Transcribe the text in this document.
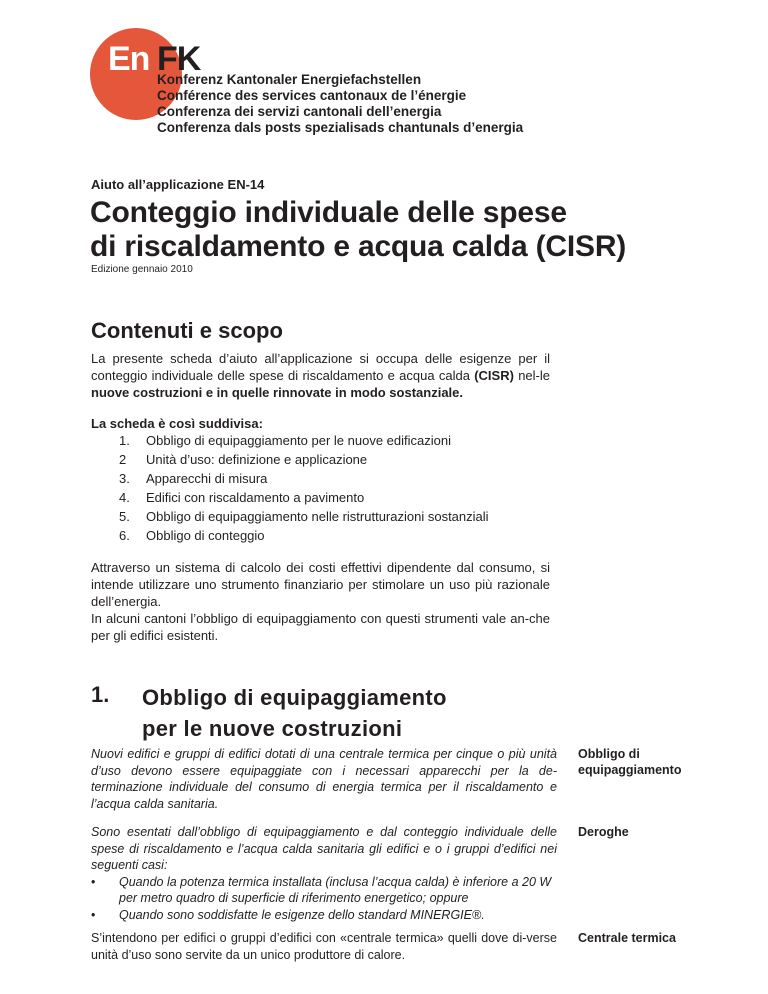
En FK
Konferenz Kantonaler Energiefachstellen
Conférence des services cantonaux de l’énergie
Conferenza dei servizi cantonali dell’energia
Conferenza dals posts spezialisads chantunals d’energia
Aiuto all’applicazione EN-14
Conteggio individuale delle spese
di riscaldamento e acqua calda (CISR)
Edizione gennaio 2010
Contenuti e scopo
La presente scheda d’aiuto all’applicazione si occupa delle esigenze per il conteggio individuale delle spese di riscaldamento e acqua calda (CISR) nel-le nuove costruzioni e in quelle rinnovate in modo sostanziale.
La scheda è così suddivisa:
1. Obbligo di equipaggiamento per le nuove edificazioni
2 Unità d’uso: definizione e applicazione
3. Apparecchi di misura
4. Edifici con riscaldamento a pavimento
5. Obbligo di equipaggiamento nelle ristrutturazioni sostanziali
6. Obbligo di conteggio
Attraverso un sistema di calcolo dei costi effettivi dipendente dal consumo, si intende utilizzare uno strumento finanziario per stimolare un uso più razionale dell’energia.
In alcuni cantoni l’obbligo di equipaggiamento con questi strumenti vale an-che per gli edifici esistenti.
1. Obbligo di equipaggiamento
per le nuove costruzioni
Nuovi edifici e gruppi di edifici dotati di una centrale termica per cinque o più unità d’uso devono essere equipaggiate con i necessari apparecchi per la de-terminazione individuale del consumo di energia termica per il riscaldamento e l’acqua calda sanitaria.
Obbligo di
equipaggiamento
Sono esentati dall’obbligo di equipaggiamento e dal conteggio individuale delle spese di riscaldamento e l’acqua calda sanitaria gli edifici e o i gruppi d’edifici nei seguenti casi:
•	Quando la potenza termica installata (inclusa l’acqua calda) è inferiore a 20 W per metro quadro di superficie di riferimento energetico; oppure
•	Quando sono soddisfatte le esigenze dello standard MINERGIE®.
Deroghe
S’intendono per edifici o gruppi d’edifici con «centrale termica» quelli dove di-verse unità d’uso sono servite da un unico produttore di calore.
Centrale termica
